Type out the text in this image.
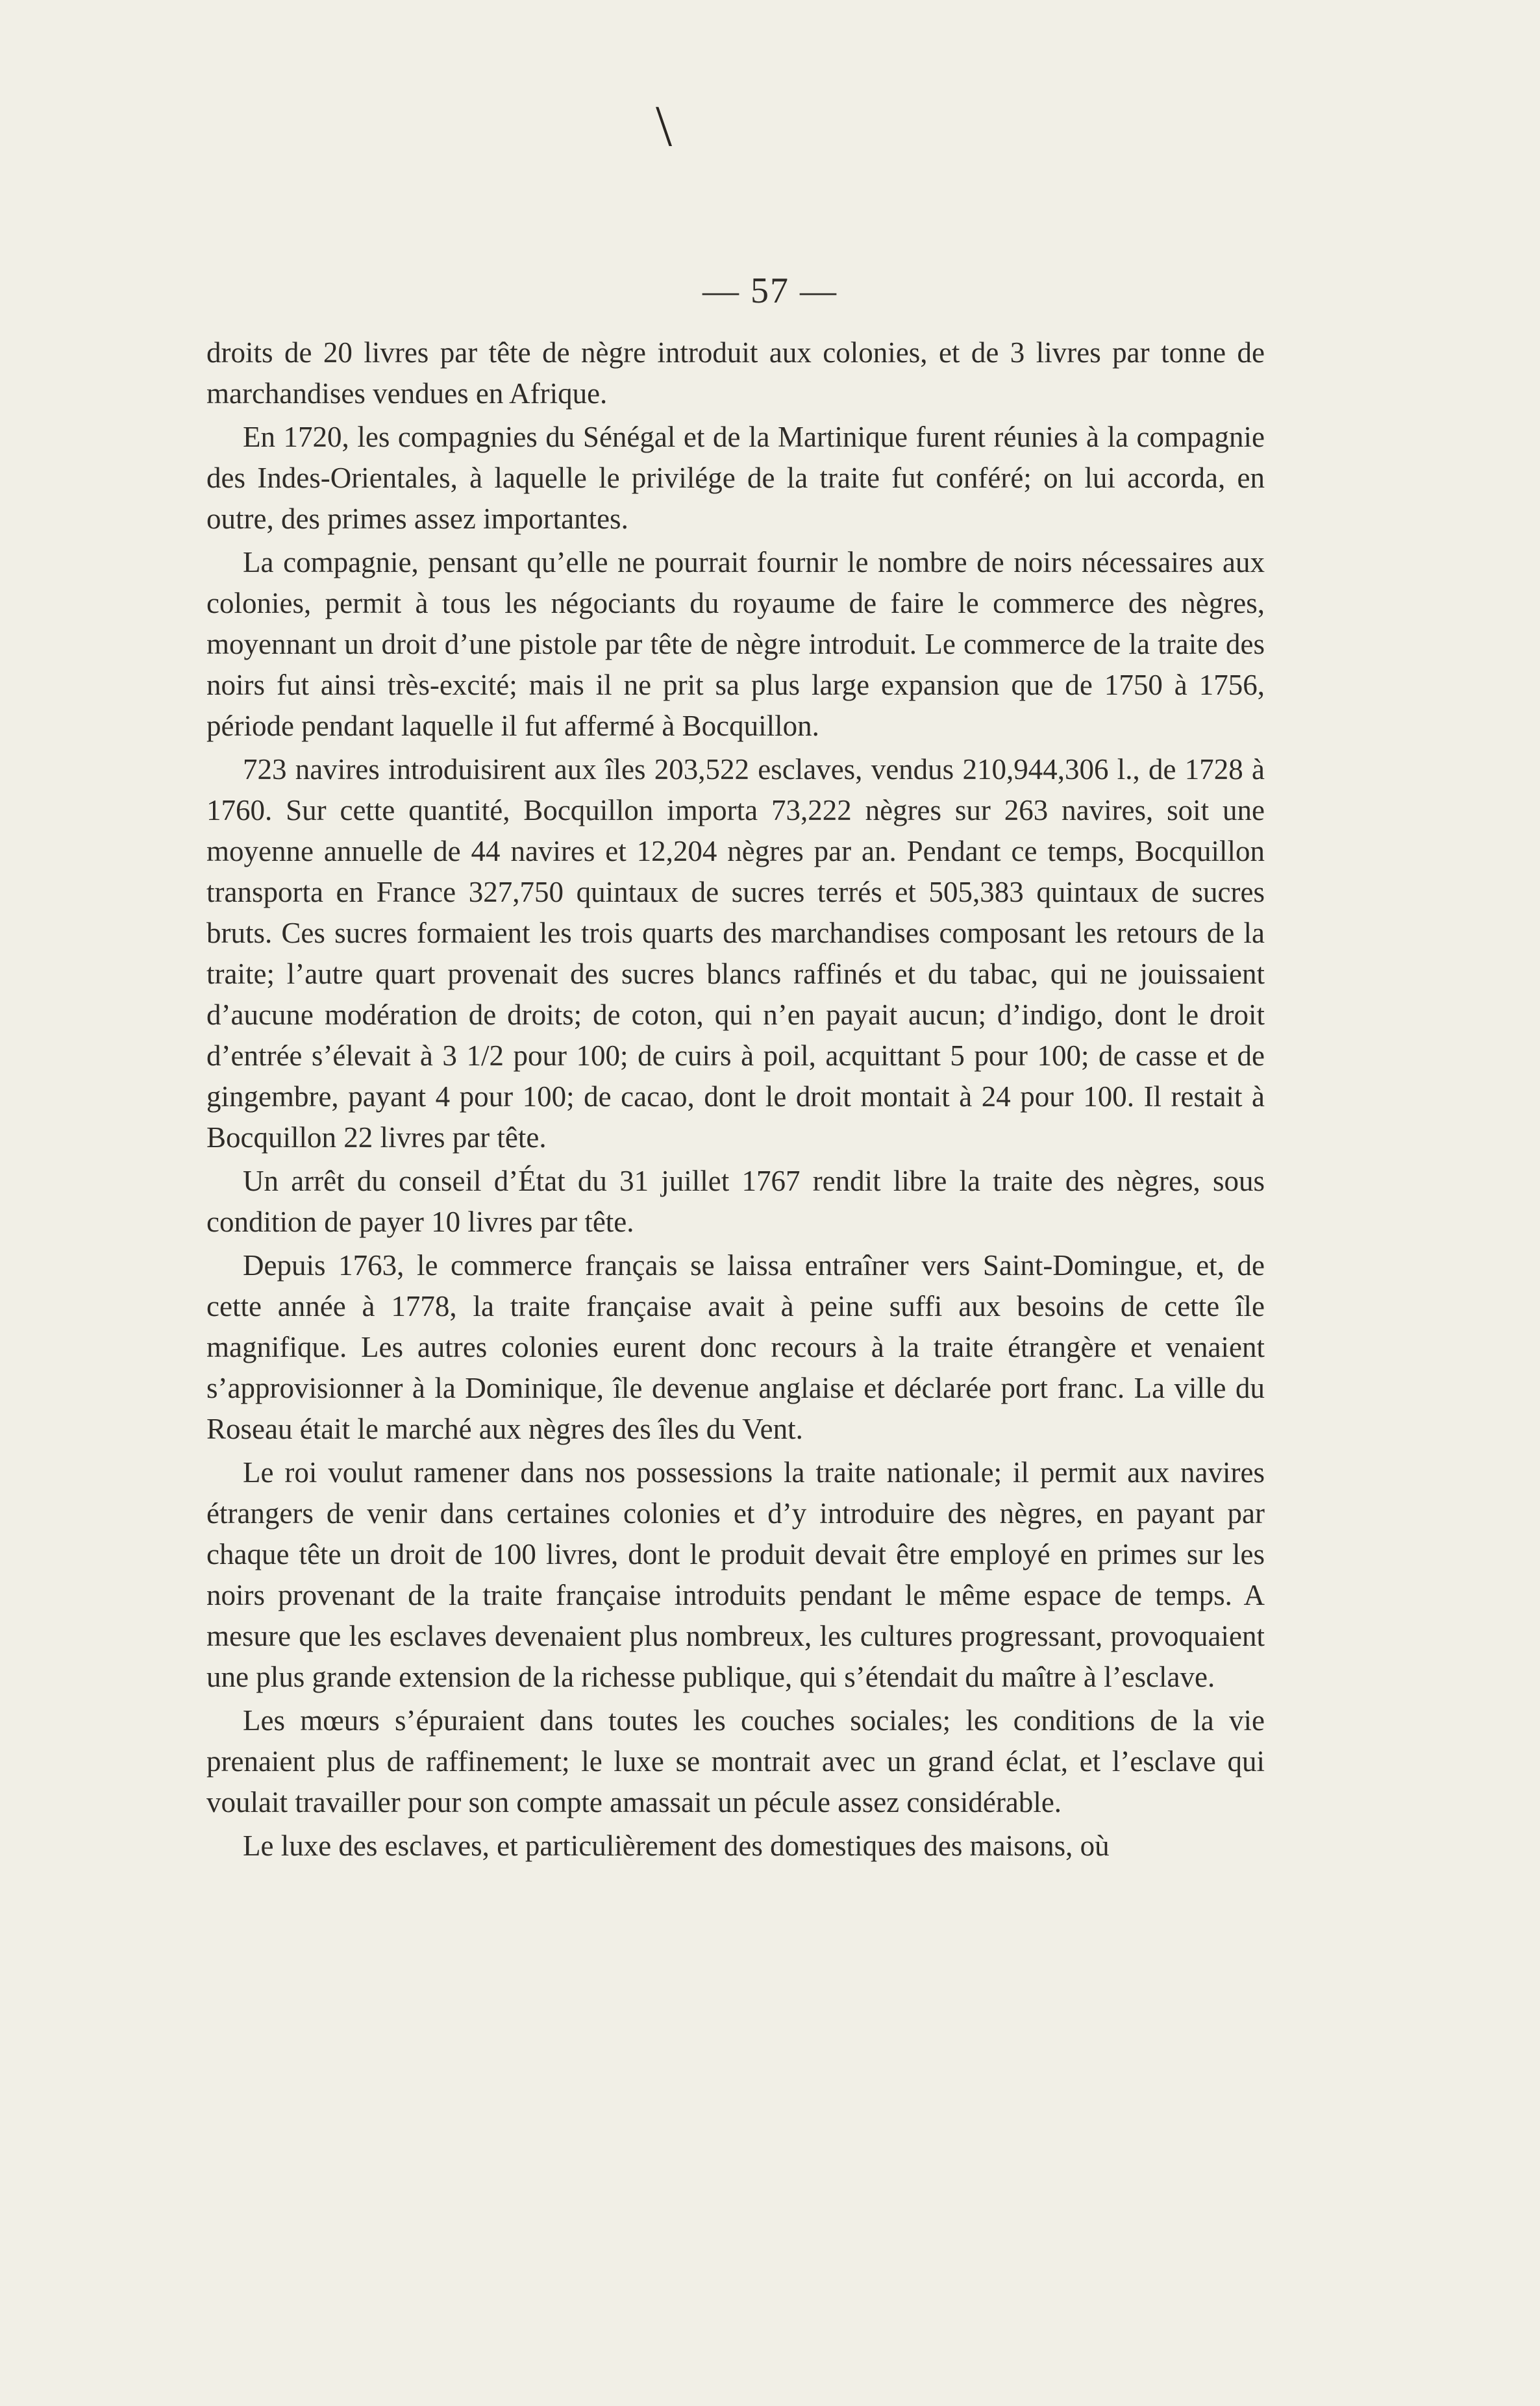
\
— 57 —

droits de 20 livres par tête de nègre introduit aux colonies, et de 3 livres par tonne de marchandises vendues en Afrique.

En 1720, les compagnies du Sénégal et de la Martinique furent réunies à la compagnie des Indes-Orientales, à laquelle le privilége de la traite fut conféré; on lui accorda, en outre, des primes assez importantes.

La compagnie, pensant qu’elle ne pourrait fournir le nombre de noirs nécessaires aux colonies, permit à tous les négociants du royaume de faire le commerce des nègres, moyennant un droit d’une pistole par tête de nègre introduit. Le commerce de la traite des noirs fut ainsi très-excité; mais il ne prit sa plus large expansion que de 1750 à 1756, période pendant laquelle il fut affermé à Bocquillon.

723 navires introduisirent aux îles 203,522 esclaves, vendus 210,944,306 l., de 1728 à 1760. Sur cette quantité, Bocquillon importa 73,222 nègres sur 263 navires, soit une moyenne annuelle de 44 navires et 12,204 nègres par an. Pendant ce temps, Bocquillon transporta en France 327,750 quintaux de sucres terrés et 505,383 quintaux de sucres bruts. Ces sucres formaient les trois quarts des marchandises composant les retours de la traite; l’autre quart provenait des sucres blancs raffinés et du tabac, qui ne jouissaient d’aucune modération de droits; de coton, qui n’en payait aucun; d’indigo, dont le droit d’entrée s’élevait à 3 1/2 pour 100; de cuirs à poil, acquittant 5 pour 100; de casse et de gingembre, payant 4 pour 100; de cacao, dont le droit montait à 24 pour 100. Il restait à Bocquillon 22 livres par tête.

Un arrêt du conseil d’État du 31 juillet 1767 rendit libre la traite des nègres, sous condition de payer 10 livres par tête.

Depuis 1763, le commerce français se laissa entraîner vers Saint-Domingue, et, de cette année à 1778, la traite française avait à peine suffi aux besoins de cette île magnifique. Les autres colonies eurent donc recours à la traite étrangère et venaient s’approvisionner à la Dominique, île devenue anglaise et déclarée port franc. La ville du Roseau était le marché aux nègres des îles du Vent.

Le roi voulut ramener dans nos possessions la traite nationale; il permit aux navires étrangers de venir dans certaines colonies et d’y introduire des nègres, en payant par chaque tête un droit de 100 livres, dont le produit devait être employé en primes sur les noirs provenant de la traite française introduits pendant le même espace de temps. A mesure que les esclaves devenaient plus nombreux, les cultures progressant, provoquaient une plus grande extension de la richesse publique, qui s’étendait du maître à l’esclave.

Les mœurs s’épuraient dans toutes les couches sociales; les conditions de la vie prenaient plus de raffinement; le luxe se montrait avec un grand éclat, et l’esclave qui voulait travailler pour son compte amassait un pécule assez considérable.

Le luxe des esclaves, et particulièrement des domestiques des maisons, où
